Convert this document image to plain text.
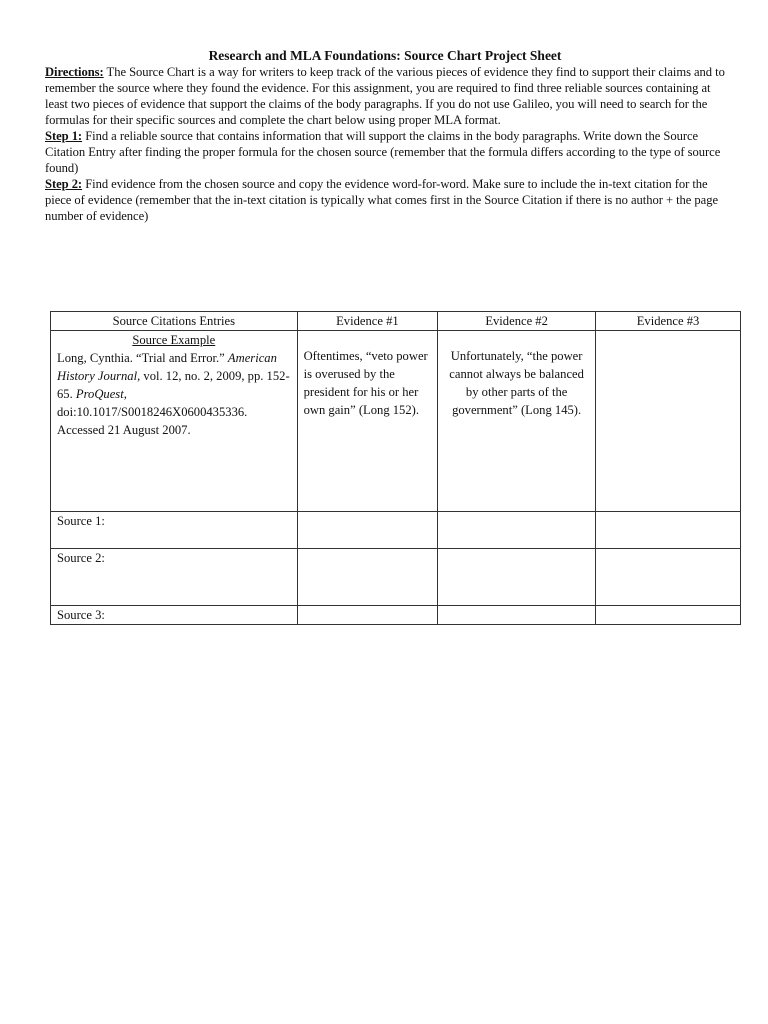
Research and MLA Foundations: Source Chart Project Sheet

Directions: The Source Chart is a way for writers to keep track of the various pieces of evidence they find to support their claims and to remember the source where they found the evidence. For this assignment, you are required to find three reliable sources containing at least two pieces of evidence that support the claims of the body paragraphs. If you do not use Galileo, you will need to search for the formulas for their specific sources and complete the chart below using proper MLA format.

Step 1: Find a reliable source that contains information that will support the claims in the body paragraphs. Write down the Source Citation Entry after finding the proper formula for the chosen source (remember that the formula differs according to the type of source found)

Step 2: Find evidence from the chosen source and copy the evidence word-for-word. Make sure to include the in-text citation for the piece of evidence (remember that the in-text citation is typically what comes first in the Source Citation if there is no author + the page number of evidence)

Source Citations Entries	Evidence #1	Evidence #2	Evidence #3

Source Example
Long, Cynthia. “Trial and Error.” American History Journal, vol. 12, no. 2, 2009, pp. 152-65. ProQuest, doi:10.1017/S0018246X0600435336. Accessed 21 August 2007.	Oftentimes, “veto power is overused by the president for his or her own gain” (Long 152).	Unfortunately, “the power cannot always be balanced by other parts of the government” (Long 145).	

Source 1:			
Source 2:			
Source 3:			
